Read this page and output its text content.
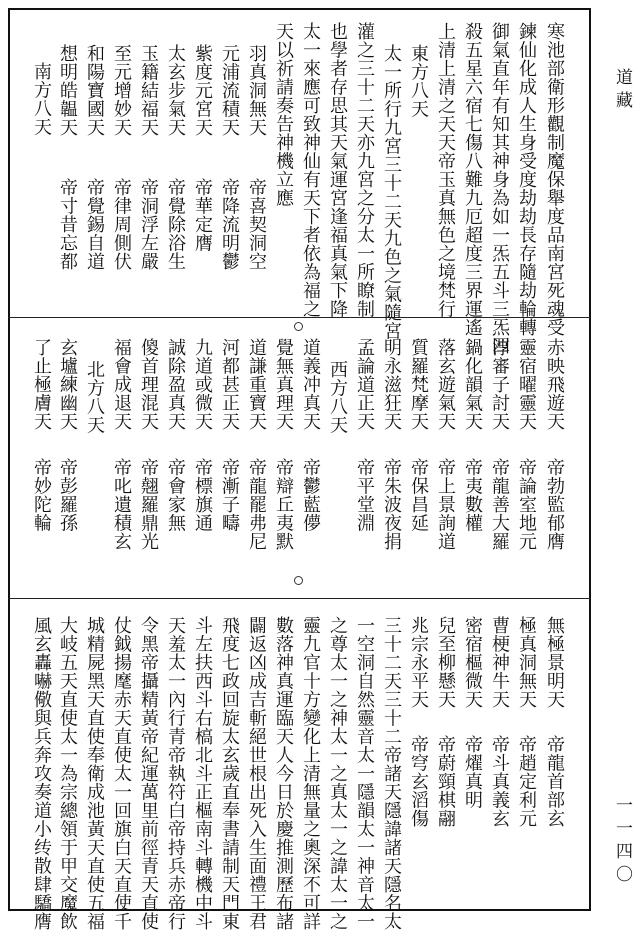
道藏
一一四〇
寒池部衛形觀制魔保舉度品南宮死魂受
鍊仙化成人生身受度劫劫長存隨劫輪轉
御氣直年有知其神身為如一炁五斗三炁四
殺五星六宿七傷八難九厄超度三界運遙
上清上清之天天帝玉真無色之境梵行
東方八天
太一所行九宮三十二天九色之氣隨宮
灌之三十二天亦九宮之分太一所瞭制
也學者存思其天氣運宮逢福真氣下降
太一來應可致神仙有天下者依為福之
天以祈請奏告神機立應
羽真洞無天
元浦流積天
紫度元宮天
太玄步氣天
玉籍結福天
至元增妙天
和陽寶國天
想明皓韞天
南方八天
帝喜契洞空
帝降流明鬱
帝華定膺
帝覺除浴生
帝洞浮左嚴
帝律周側伏
帝覺錫自道
帝寸昔忘都
赤映飛遊天
靈宿曜靈天
淳審子討天
鍋化韻氣天
落玄遊氣天
質羅梵摩天
明永滋狂天
孟論道正天
西方八天
道義冲真天
覺無真理天
道謙重寶天
河都甚正天
九道或微天
誠除盈真天
傻首理混天
福會成退天
北方八天
玄壚練幽天
了止極膚天
帝勃監郁膺
帝論室地元
帝龍善大羅
帝夷數權
帝上景詢道
帝保昌延
帝朱波夜捐
帝平堂淵
帝鬱藍儚
帝辯丘夷默
帝龍罷弗尼
帝漸子疇
帝標旗通
帝會家無
帝翹羅鼎光
帝叱遺積玄
帝彭羅孫
帝妙陀輪
無極景明天
極真洞無天
曹梗神牛天
密宿樞微天
兒至柳懸天
兆宗永平天
三十二天三十二帝諸天隱諱諸天隱名太
一空洞自然靈音太一隱韻太一神音太一
之尊太一之神太一之真太一之諱太一之
靈九官十方變化上清無量之奧深不可詳
數落神真運臨天人今日於慶推測歷布諸
闢返凶成吉斬絕世根出死入生面禮王君
飛度七政回旋太玄歲直奉書請制天門東
斗左扶西斗右槁北斗正樞南斗轉機中斗
天羞太一內行青帝執符白帝持兵赤帝行
令黑帝攝精黃帝紀運萬里前徑青天直使
仗鉞揚麾赤天直使太一回旗白天直使千
城精屍黑天直使奉衛成池黃天直使五福
大岐五天直使太一為宗總領于甲交魔飲
風玄轟嚇儆與兵奔攻奏道小䌸散肆驕膺	帝龍首部玄
帝趙定利元
帝斗真義玄
帝燿真明
帝蔚頸棋翮
帝穹玄滔傷
